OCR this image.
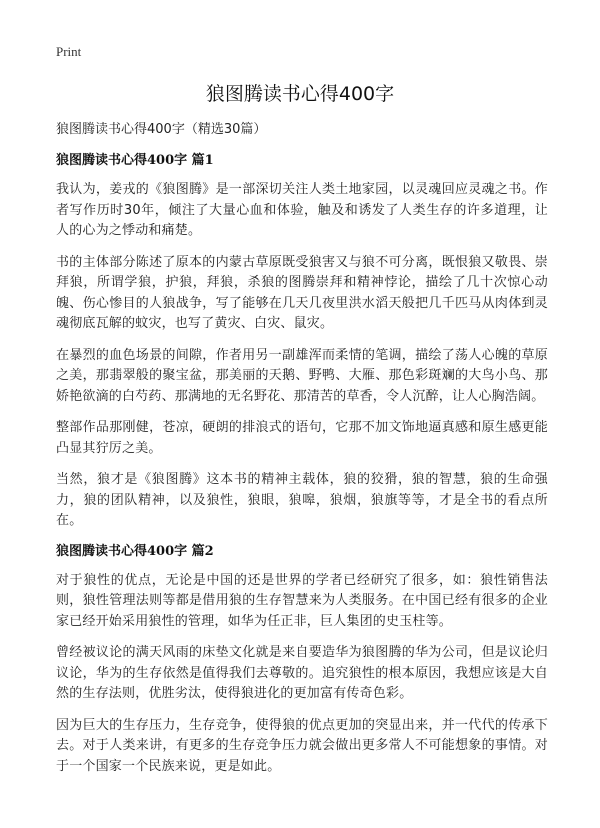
Print
狼图腾读书心得400字

狼图腾读书心得400字（精选30篇）

狼图腾读书心得400字 篇1

我认为，姜戎的《狼图腾》是一部深切关注人类土地家园，以灵魂回应灵魂之书。作者写作历时30年，倾注了大量心血和体验，触及和诱发了人类生存的许多道理，让人的心为之悸动和痛楚。

书的主体部分陈述了原本的内蒙古草原既受狼害又与狼不可分离，既恨狼又敬畏、崇拜狼，所谓学狼，护狼，拜狼，杀狼的图腾崇拜和精神悖论，描绘了几十次惊心动魄、伤心惨目的人狼战争，写了能够在几天几夜里洪水滔天般把几千匹马从肉体到灵魂彻底瓦解的蚊灾，也写了黄灾、白灾、鼠灾。

在暴烈的血色场景的间隙，作者用另一副雄浑而柔情的笔调，描绘了荡人心魄的草原之美，那翡翠般的聚宝盆，那美丽的天鹅、野鸭、大雁、那色彩斑斓的大鸟小鸟、那娇艳欲滴的白芍药、那满地的无名野花、那清苦的草香，令人沉醉，让人心胸浩阔。

整部作品那刚健，苍凉，硬朗的排浪式的语句，它那不加文饰地逼真感和原生感更能凸显其狞厉之美。

当然，狼才是《狼图腾》这本书的精神主载体，狼的狡猾，狼的智慧，狼的生命强力，狼的团队精神，以及狼性，狼眼，狼嗥，狼烟，狼旗等等，才是全书的看点所在。

狼图腾读书心得400字 篇2

对于狼性的优点，无论是中国的还是世界的学者已经研究了很多，如：狼性销售法则，狼性管理法则等都是借用狼的生存智慧来为人类服务。在中国已经有很多的企业家已经开始采用狼性的管理，如华为任正非，巨人集团的史玉柱等。

曾经被议论的满天风雨的床垫文化就是来自要造华为狼图腾的华为公司，但是议论归议论，华为的生存依然是值得我们去尊敬的。追究狼性的根本原因，我想应该是大自然的生存法则，优胜劣汰，使得狼进化的更加富有传奇色彩。

因为巨大的生存压力，生存竞争，使得狼的优点更加的突显出来，并一代代的传承下去。对于人类来讲，有更多的生存竞争压力就会做出更多常人不可能想象的事情。对于一个国家一个民族来说，更是如此。
